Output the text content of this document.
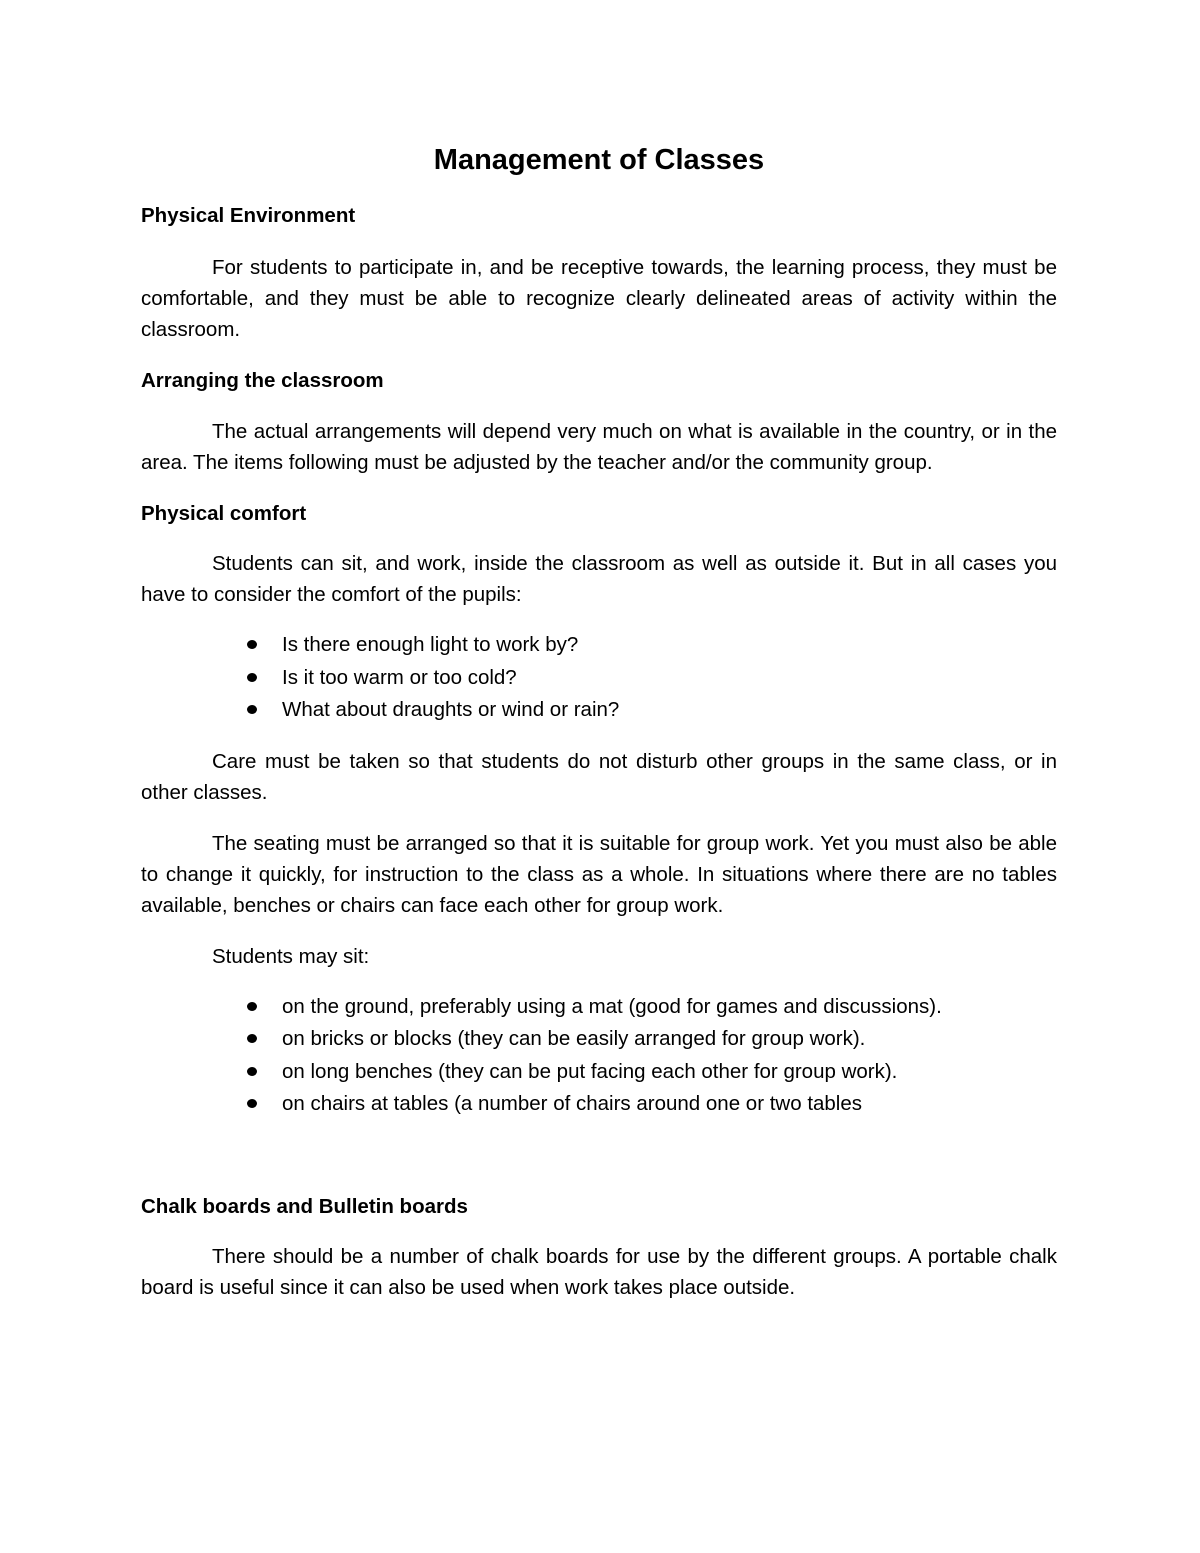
Management of Classes
Physical Environment

For students to participate in, and be receptive towards, the learning process, they must be comfortable, and they must be able to recognize clearly delineated areas of activity within the classroom.

Arranging the classroom

The actual arrangements will depend very much on what is available in the country, or in the area. The items following must be adjusted by the teacher and/or the community group.

Physical comfort

Students can sit, and work, inside the classroom as well as outside it. But in all cases you have to consider the comfort of the pupils:

Is there enough light to work by?
Is it too warm or too cold?
What about draughts or wind or rain?

Care must be taken so that students do not disturb other groups in the same class, or in other classes.

The seating must be arranged so that it is suitable for group work. Yet you must also be able to change it quickly, for instruction to the class as a whole. In situations where there are no tables available, benches or chairs can face each other for group work.

Students may sit:

on the ground, preferably using a mat (good for games and discussions).
on bricks or blocks (they can be easily arranged for group work).
on long benches (they can be put facing each other for group work).
on chairs at tables (a number of chairs around one or two tables
Chalk boards and Bulletin boards

There should be a number of chalk boards for use by the different groups. A portable chalk board is useful since it can also be used when work takes place outside.
